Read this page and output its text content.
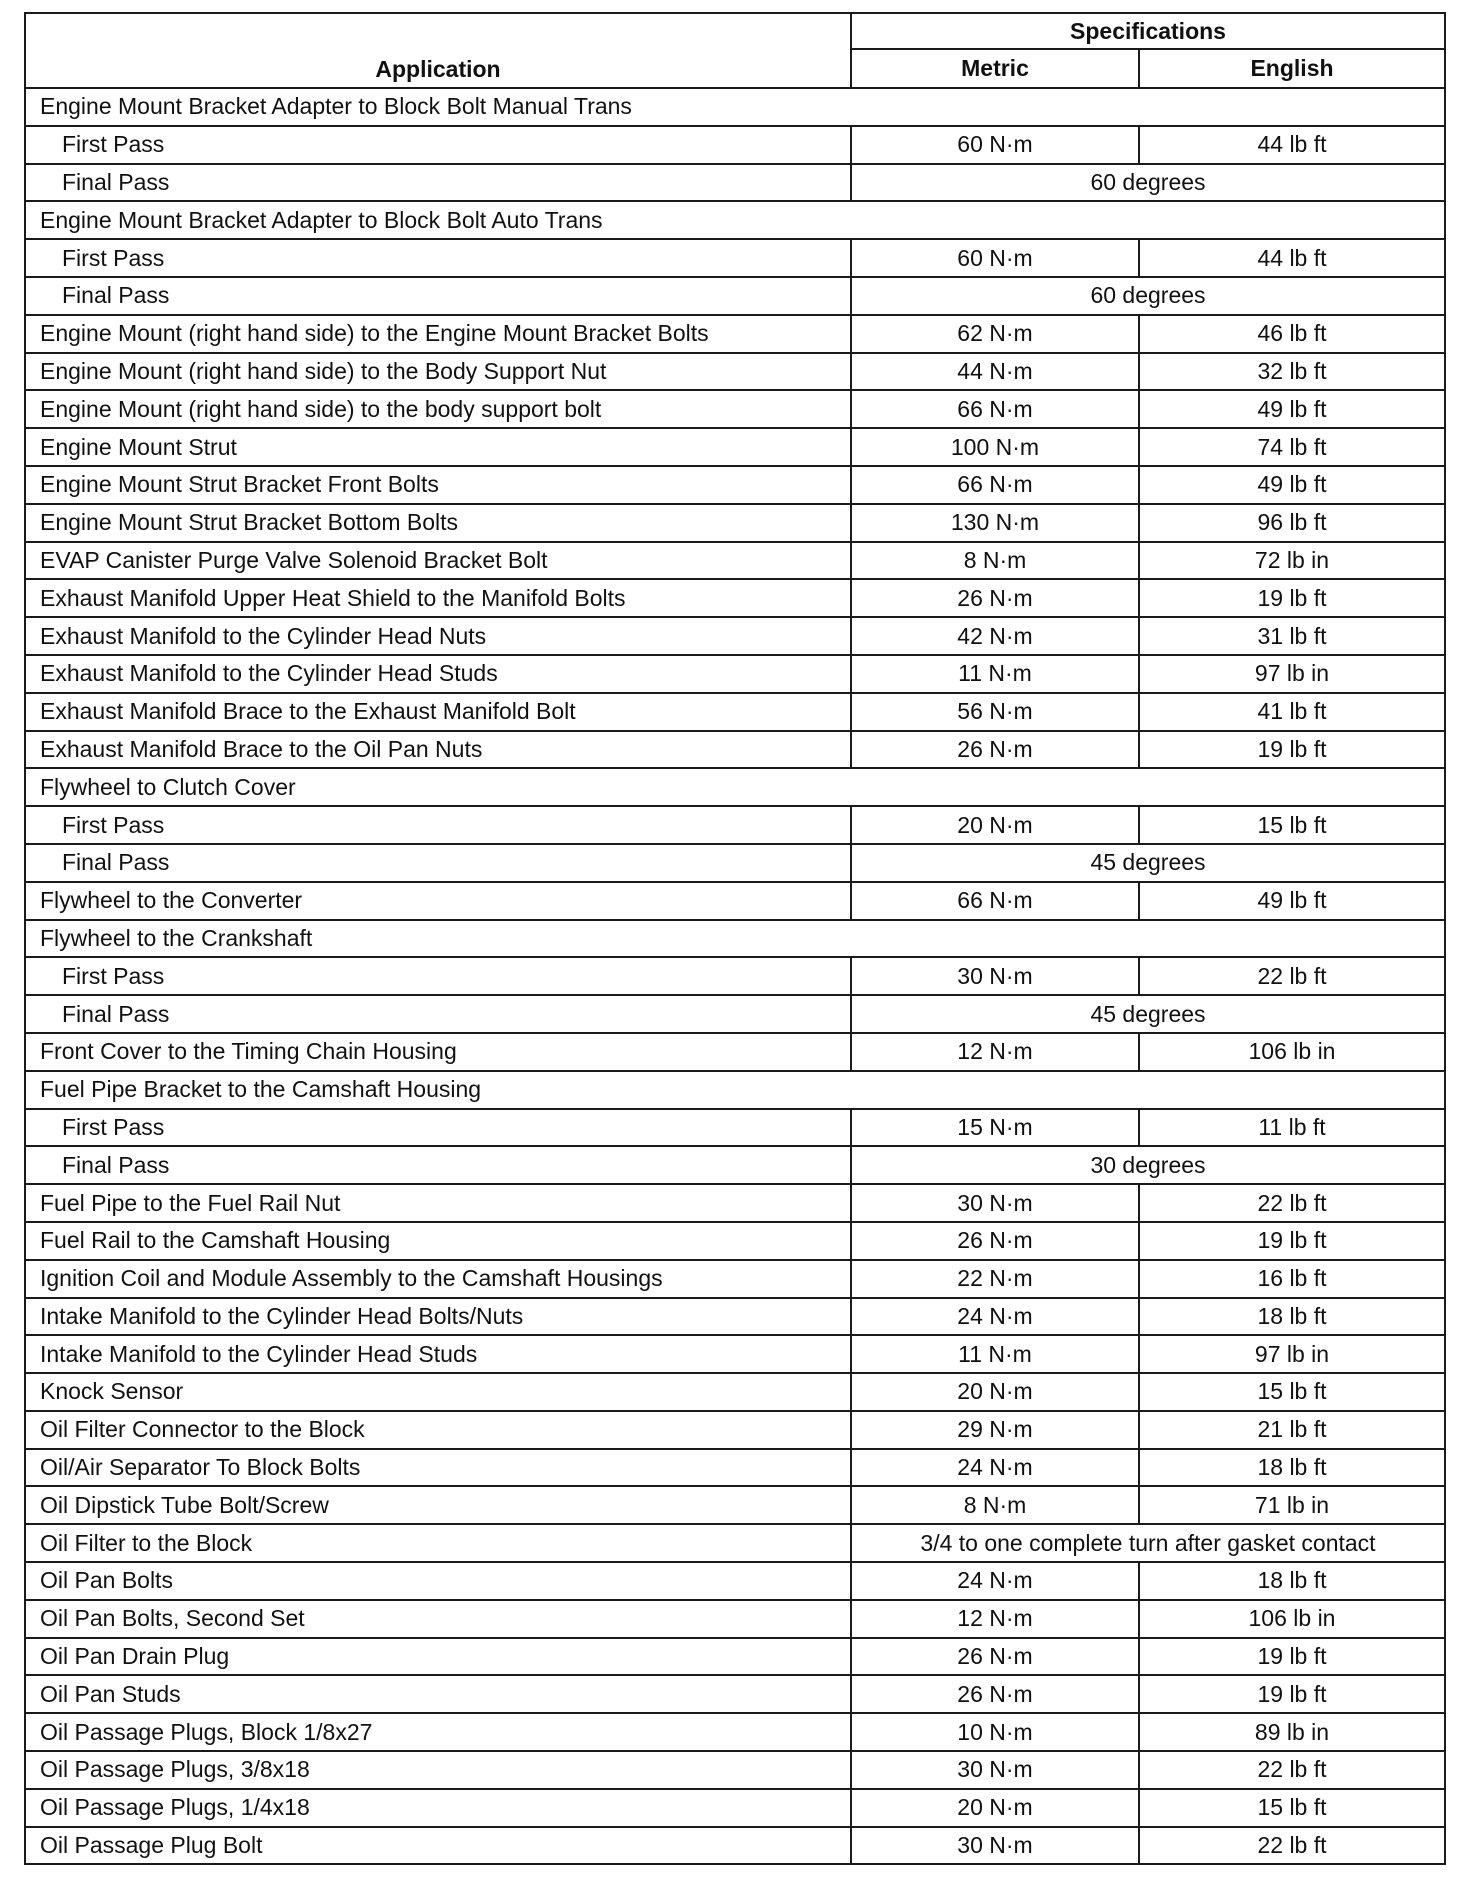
Application	Specifications	
	Metric	English
Engine Mount Bracket Adapter to Block Bolt Manual Trans		
First Pass	60 N·m	44 lb ft
Final Pass	60 degrees	
Engine Mount Bracket Adapter to Block Bolt Auto Trans		
First Pass	60 N·m	44 lb ft
Final Pass	60 degrees	
Engine Mount (right hand side) to the Engine Mount Bracket Bolts	62 N·m	46 lb ft
Engine Mount (right hand side) to the Body Support Nut	44 N·m	32 lb ft
Engine Mount (right hand side) to the body support bolt	66 N·m	49 lb ft
Engine Mount Strut	100 N·m	74 lb ft
Engine Mount Strut Bracket Front Bolts	66 N·m	49 lb ft
Engine Mount Strut Bracket Bottom Bolts	130 N·m	96 lb ft
EVAP Canister Purge Valve Solenoid Bracket Bolt	8 N·m	72 lb in
Exhaust Manifold Upper Heat Shield to the Manifold Bolts	26 N·m	19 lb ft
Exhaust Manifold to the Cylinder Head Nuts	42 N·m	31 lb ft
Exhaust Manifold to the Cylinder Head Studs	11 N·m	97 lb in
Exhaust Manifold Brace to the Exhaust Manifold Bolt	56 N·m	41 lb ft
Exhaust Manifold Brace to the Oil Pan Nuts	26 N·m	19 lb ft
Flywheel to Clutch Cover		
First Pass	20 N·m	15 lb ft
Final Pass	45 degrees	
Flywheel to the Converter	66 N·m	49 lb ft
Flywheel to the Crankshaft		
First Pass	30 N·m	22 lb ft
Final Pass	45 degrees	
Front Cover to the Timing Chain Housing	12 N·m	106 lb in
Fuel Pipe Bracket to the Camshaft Housing		
First Pass	15 N·m	11 lb ft
Final Pass	30 degrees	
Fuel Pipe to the Fuel Rail Nut	30 N·m	22 lb ft
Fuel Rail to the Camshaft Housing	26 N·m	19 lb ft
Ignition Coil and Module Assembly to the Camshaft Housings	22 N·m	16 lb ft
Intake Manifold to the Cylinder Head Bolts/Nuts	24 N·m	18 lb ft
Intake Manifold to the Cylinder Head Studs	11 N·m	97 lb in
Knock Sensor	20 N·m	15 lb ft
Oil Filter Connector to the Block	29 N·m	21 lb ft
Oil/Air Separator To Block Bolts	24 N·m	18 lb ft
Oil Dipstick Tube Bolt/Screw	8 N·m	71 lb in
Oil Filter to the Block	3/4 to one complete turn after gasket contact	
Oil Pan Bolts	24 N·m	18 lb ft
Oil Pan Bolts, Second Set	12 N·m	106 lb in
Oil Pan Drain Plug	26 N·m	19 lb ft
Oil Pan Studs	26 N·m	19 lb ft
Oil Passage Plugs, Block 1/8x27	10 N·m	89 lb in
Oil Passage Plugs, 3/8x18	30 N·m	22 lb ft
Oil Passage Plugs, 1/4x18	20 N·m	15 lb ft
Oil Passage Plug Bolt	30 N·m	22 lb ft
